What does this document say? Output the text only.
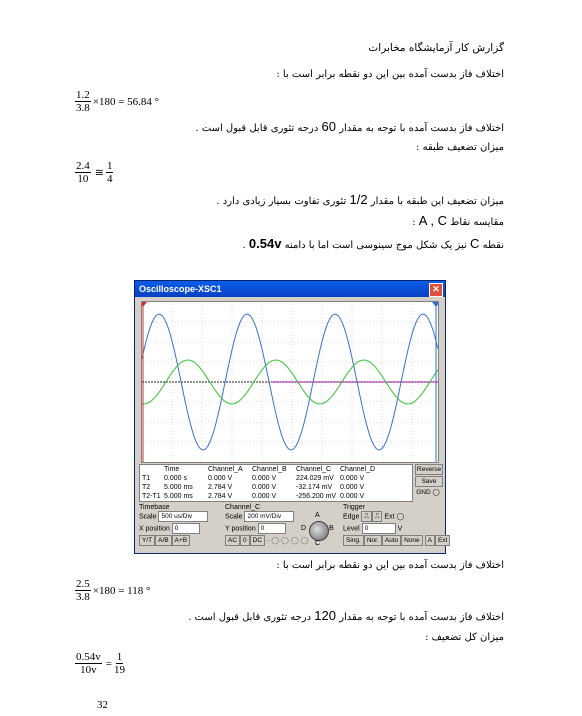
گزارش کار آزمایشگاه مخابرات
اختلاف فاز بدست آمده بین این دو نقطه برابر است با :
$\frac{1.2}{3.8} \times 180 = 56.84$ °
اختلاف فاز بدست آمده با توجه به مقدار 60 درجه تئوری قابل قبول است .
میزان تضعیف طبقه :
2.4
10 ≅
1
4
میزان تضعیف این طبقه با مقدار 1/2 تئوری تفاوت بسیار زیادی دارد .
مقایسه نقاط A , C :
نقطه C نیز یک شکل موج سینوسی است اما با دامنه 0.54v .
Oscilloscope-XSC1	✕
Time	Channel_A	Channel_B	Channel_C	Channel_D
T1	0.000 s	0.000 V	0.000 V	224.029 mV 0.000 V
T2	5.000 ms	2.784 V	0.000 V	-32.174 mV	0.000 V
T2-T1 5.000 ms	2.784 V	0.000 V	-256.200 mV 0.000 V
Reverse
Save
GND ◯
Timebase
Scale 500 us/Div
X position 0
Y/T A/B A+B
Channel_C
Scale 200 mV/Div
Y position 0
AC 0 DC - ◯ ◯ ◯ ◯
A
B
C
D
Trigger
Edge ⎍ ⎍ Ext ◯
Level 0	V
Sing. Nor. Auto None A Ext
اختلاف فاز بدست آمده بین این دو نقطه برابر است با :
$\frac{2.5}{3.8} \times 180 = 118$ °
اختلاف فاز بدست آمده با توجه به مقدار 120 درجه تئوری قابل قبول است .
میزان کل تضعیف :
$\frac{0.54v}{10v} = \frac{1}{19}$
32
